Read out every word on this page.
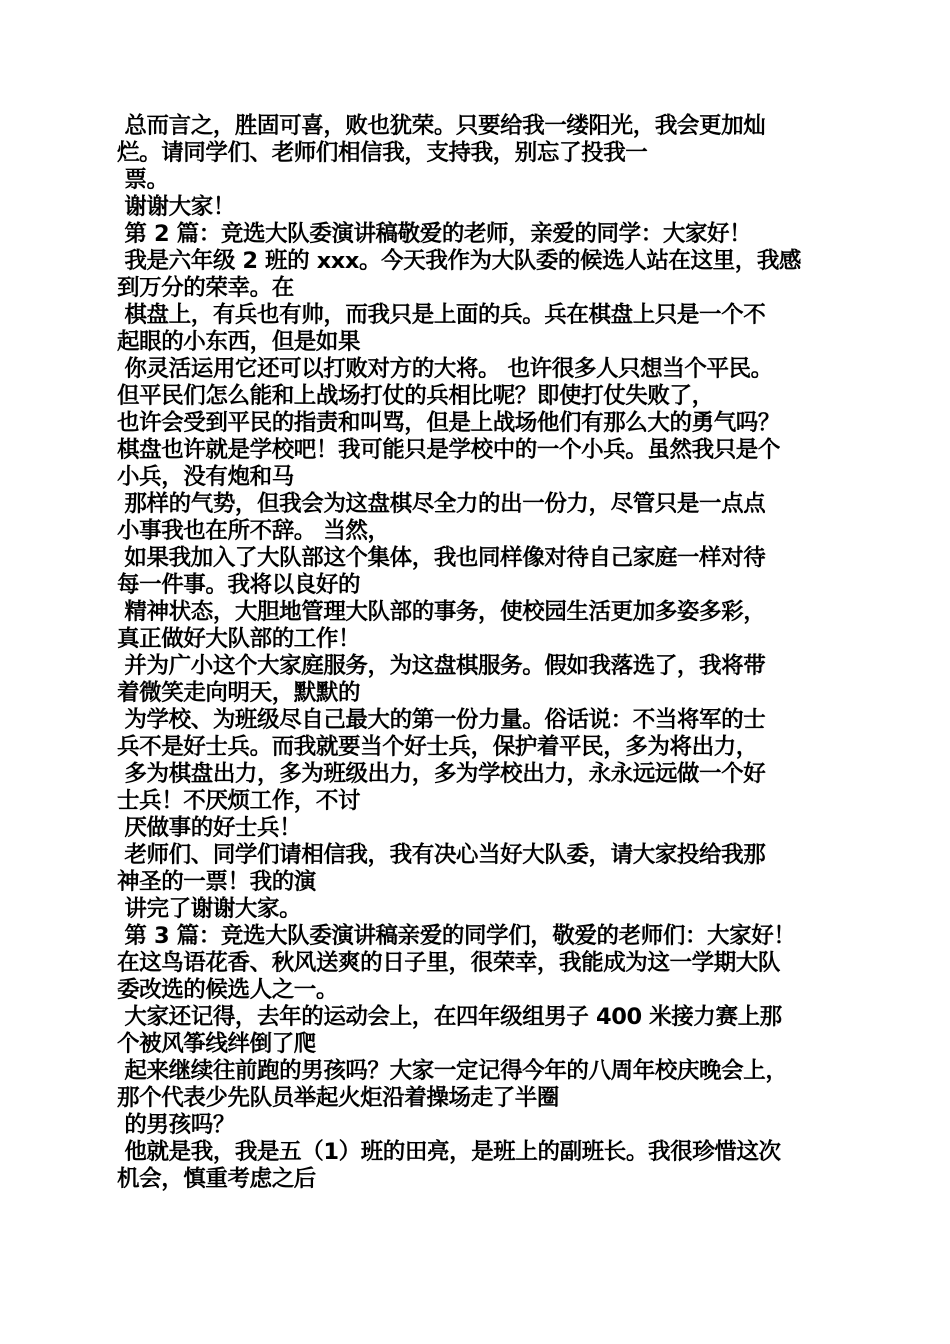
总而言之，胜固可喜，败也犹荣。只要给我一缕阳光，我会更加灿
烂。请同学们、老师们相信我，支持我，别忘了投我一
票。
谢谢大家！
第 2 篇：竞选大队委演讲稿敬爱的老师，亲爱的同学：大家好！
我是六年级 2 班的 xxx。今天我作为大队委的候选人站在这里，我感
到万分的荣幸。在
棋盘上，有兵也有帅，而我只是上面的兵。兵在棋盘上只是一个不
起眼的小东西，但是如果
你灵活运用它还可以打败对方的大将。 也许很多人只想当个平民。
但平民们怎么能和上战场打仗的兵相比呢？即使打仗失败了，
也许会受到平民的指责和叫骂，但是上战场他们有那么大的勇气吗？
棋盘也许就是学校吧！我可能只是学校中的一个小兵。虽然我只是个
小兵，没有炮和马
那样的气势，但我会为这盘棋尽全力的出一份力，尽管只是一点点
小事我也在所不辞。 当然，
如果我加入了大队部这个集体，我也同样像对待自己家庭一样对待
每一件事。我将以良好的
精神状态，大胆地管理大队部的事务，使校园生活更加多姿多彩，
真正做好大队部的工作！
并为广小这个大家庭服务，为这盘棋服务。假如我落选了，我将带
着微笑走向明天，默默的
为学校、为班级尽自己最大的第一份力量。俗话说：不当将军的士
兵不是好士兵。而我就要当个好士兵，保护着平民，多为将出力，
多为棋盘出力，多为班级出力，多为学校出力，永永远远做一个好
士兵！不厌烦工作，不讨
厌做事的好士兵！
老师们、同学们请相信我，我有决心当好大队委，请大家投给我那
神圣的一票！我的演
讲完了谢谢大家。
第 3 篇：竞选大队委演讲稿亲爱的同学们，敬爱的老师们：大家好！
在这鸟语花香、秋风送爽的日子里，很荣幸，我能成为这一学期大队
委改选的候选人之一。
大家还记得，去年的运动会上，在四年级组男子 400 米接力赛上那
个被风筝线绊倒了爬
起来继续往前跑的男孩吗？大家一定记得今年的八周年校庆晚会上，
那个代表少先队员举起火炬沿着操场走了半圈
的男孩吗？
他就是我，我是五（1）班的田亮，是班上的副班长。我很珍惜这次
机会，慎重考虑之后
